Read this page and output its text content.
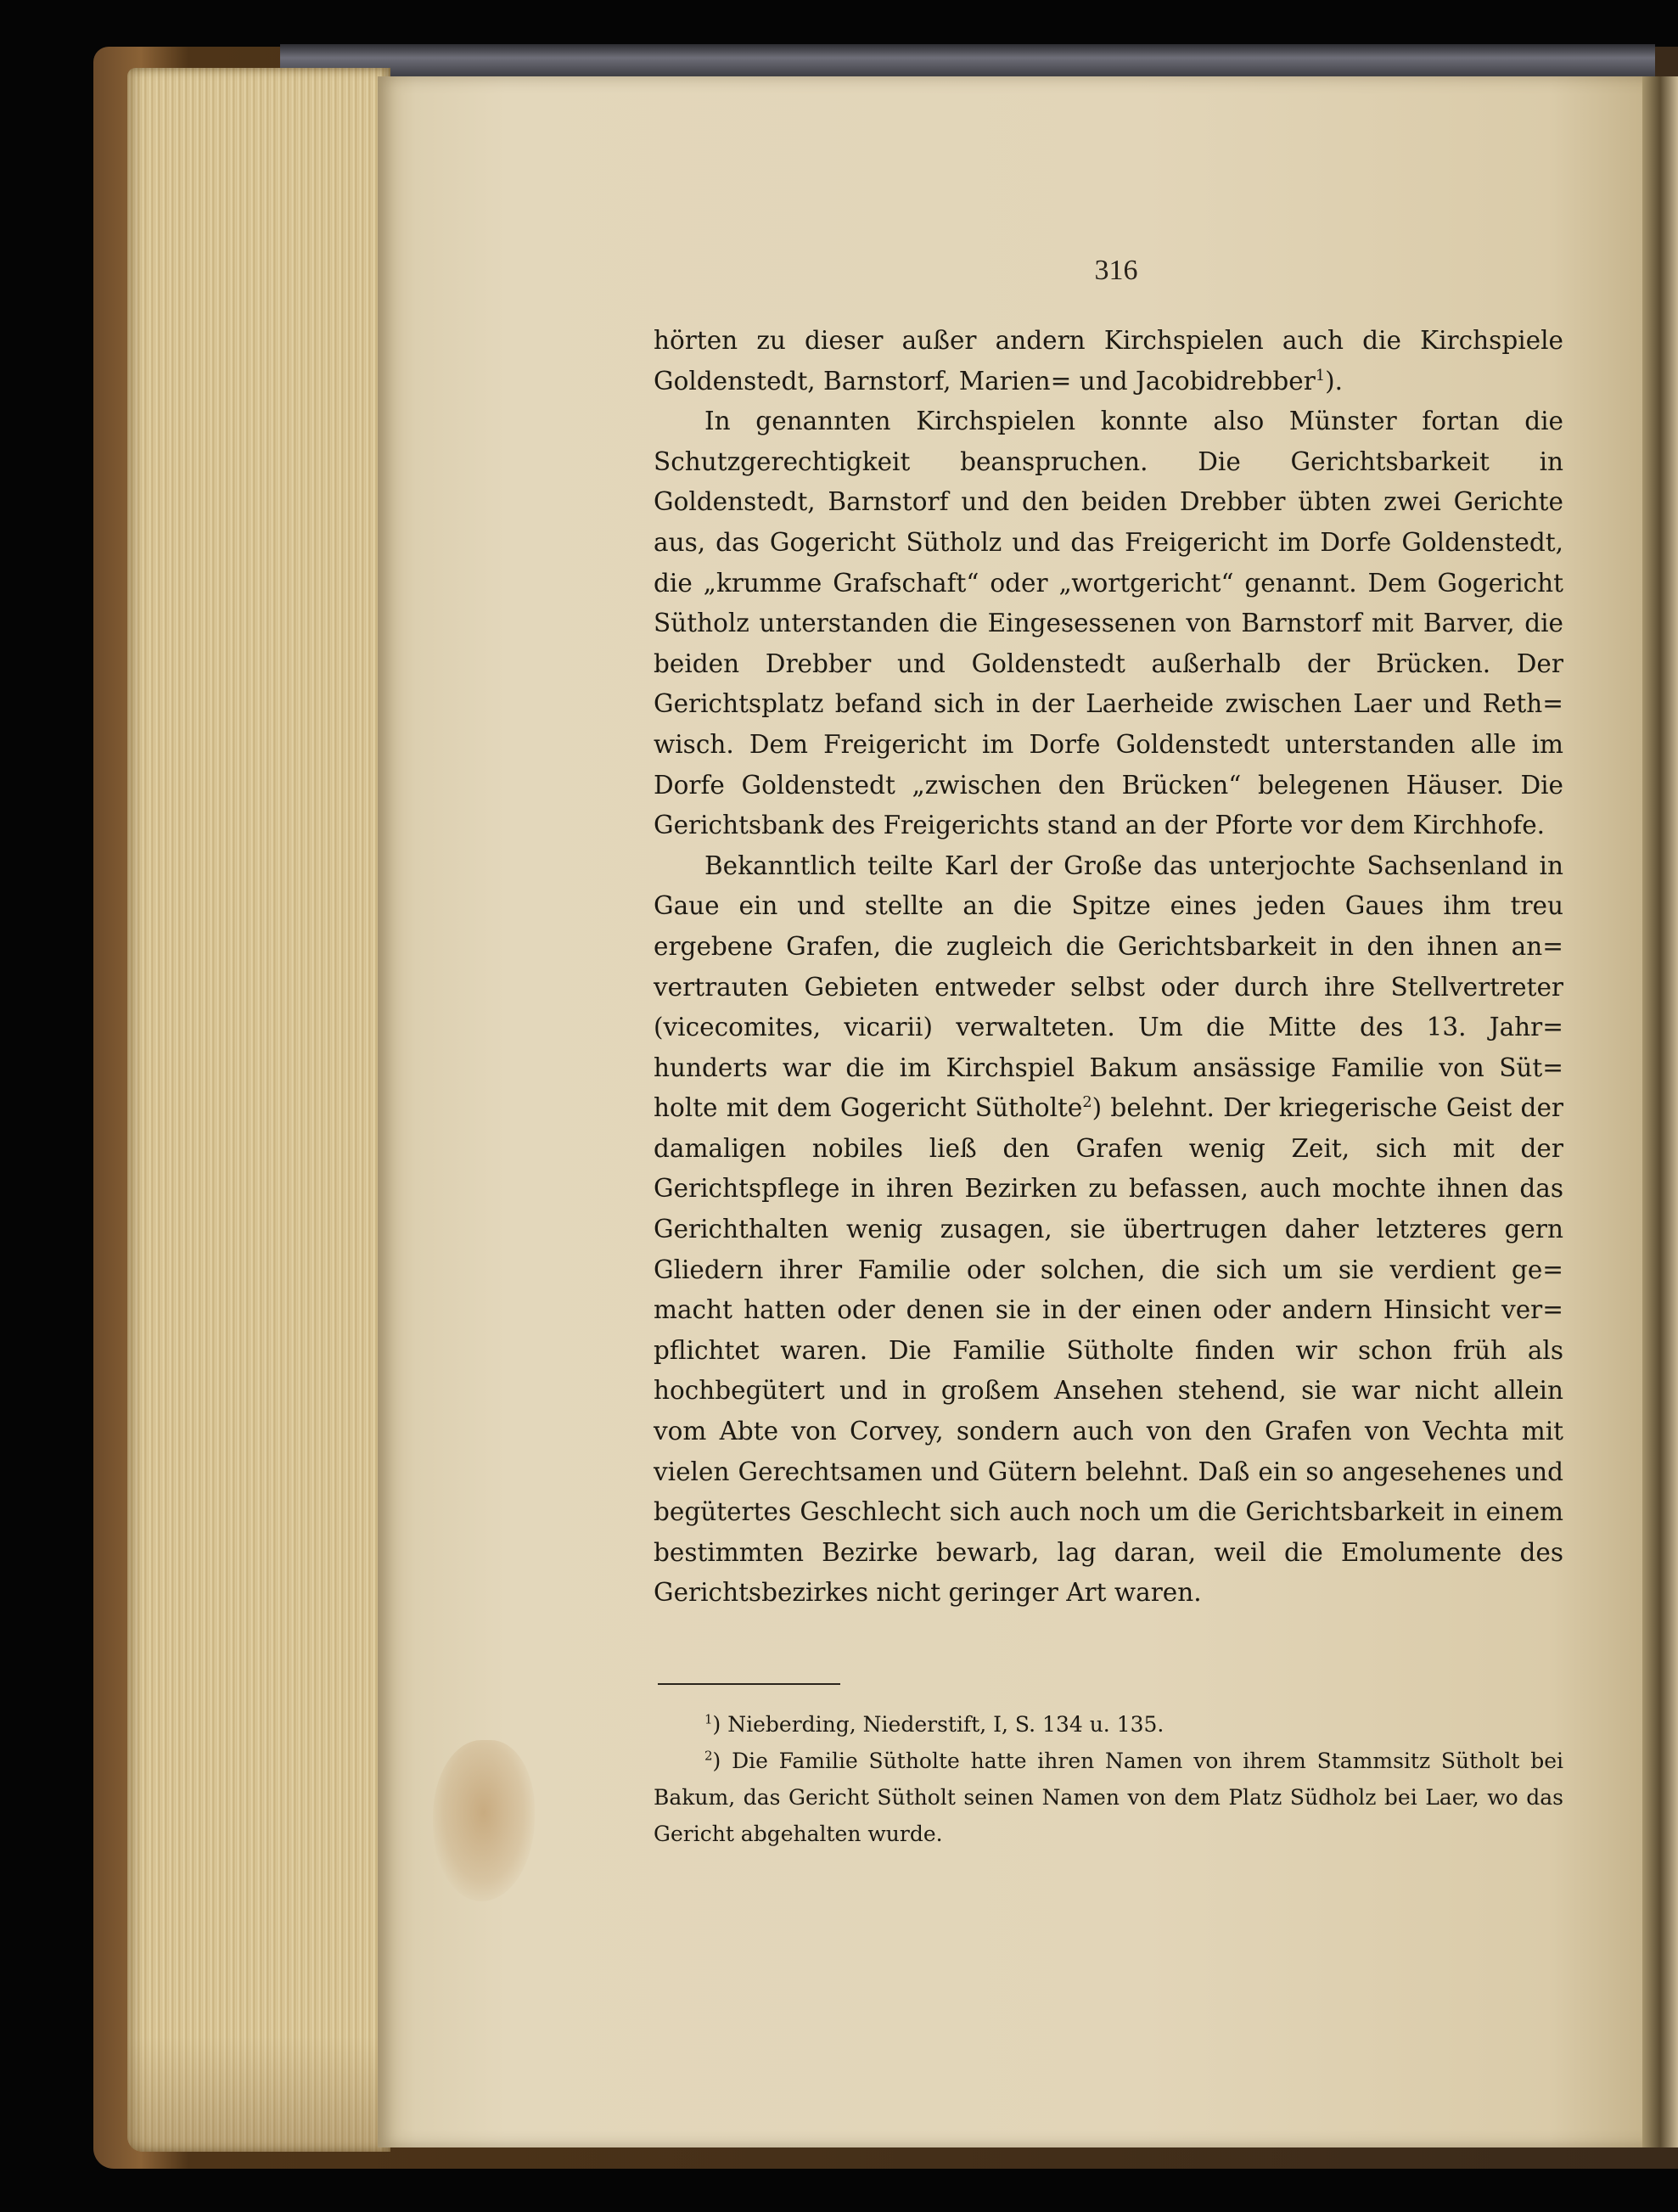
316

hörten zu dieser außer andern Kirchspielen auch die Kirchspiele Goldenstedt, Barnstorf, Marien= und Jacobidrebber$^1$).

In genannten Kirchspielen konnte also Münster fortan die Schutzgerechtigkeit beanspruchen. Die Gerichtsbarkeit in Goldenstedt, Barnstorf und den beiden Drebber übten zwei Gerichte aus, das Gogericht Sütholz und das Freigericht im Dorfe Goldenstedt, die „krumme Grafschaft“ oder „wortgericht“ genannt. Dem Gogericht Sütholz unterstanden die Eingesessenen von Barnstorf mit Barver, die beiden Drebber und Goldenstedt außerhalb der Brücken. Der Gerichtsplatz befand sich in der Laerheide zwischen Laer und Reth= wisch. Dem Freigericht im Dorfe Goldenstedt unterstanden alle im Dorfe Goldenstedt „zwischen den Brücken“ belegenen Häuser. Die Gerichtsbank des Freigerichts stand an der Pforte vor dem Kirchhofe.

Bekanntlich teilte Karl der Große das unterjochte Sachsenland in Gaue ein und stellte an die Spitze eines jeden Gaues ihm treu ergebene Grafen, die zugleich die Gerichtsbarkeit in den ihnen an= vertrauten Gebieten entweder selbst oder durch ihre Stellvertreter (vicecomites, vicarii) verwalteten. Um die Mitte des 13. Jahr= hunderts war die im Kirchspiel Bakum ansässige Familie von Süt= holte mit dem Gogericht Sütholte$^2$) belehnt. Der kriegerische Geist der damaligen nobiles ließ den Grafen wenig Zeit, sich mit der Gerichtspflege in ihren Bezirken zu befassen, auch mochte ihnen das Gerichthalten wenig zusagen, sie übertrugen daher letzteres gern Gliedern ihrer Familie oder solchen, die sich um sie verdient ge= macht hatten oder denen sie in der einen oder andern Hinsicht ver= pflichtet waren. Die Familie Sütholte finden wir schon früh als hochbegütert und in großem Ansehen stehend, sie war nicht allein vom Abte von Corvey, sondern auch von den Grafen von Vechta mit vielen Gerechtsamen und Gütern belehnt. Daß ein so angesehenes und begütertes Geschlecht sich auch noch um die Gerichtsbarkeit in einem bestimmten Bezirke bewarb, lag daran, weil die Emolumente des Gerichtsbezirkes nicht geringer Art waren.

$^1$) Nieberding, Niederstift, I, S. 134 u. 135.

$^2$) Die Familie Sütholte hatte ihren Namen von ihrem Stammsitz Sütholt bei Bakum, das Gericht Sütholt seinen Namen von dem Platz Südholz bei Laer, wo das Gericht abgehalten wurde.
